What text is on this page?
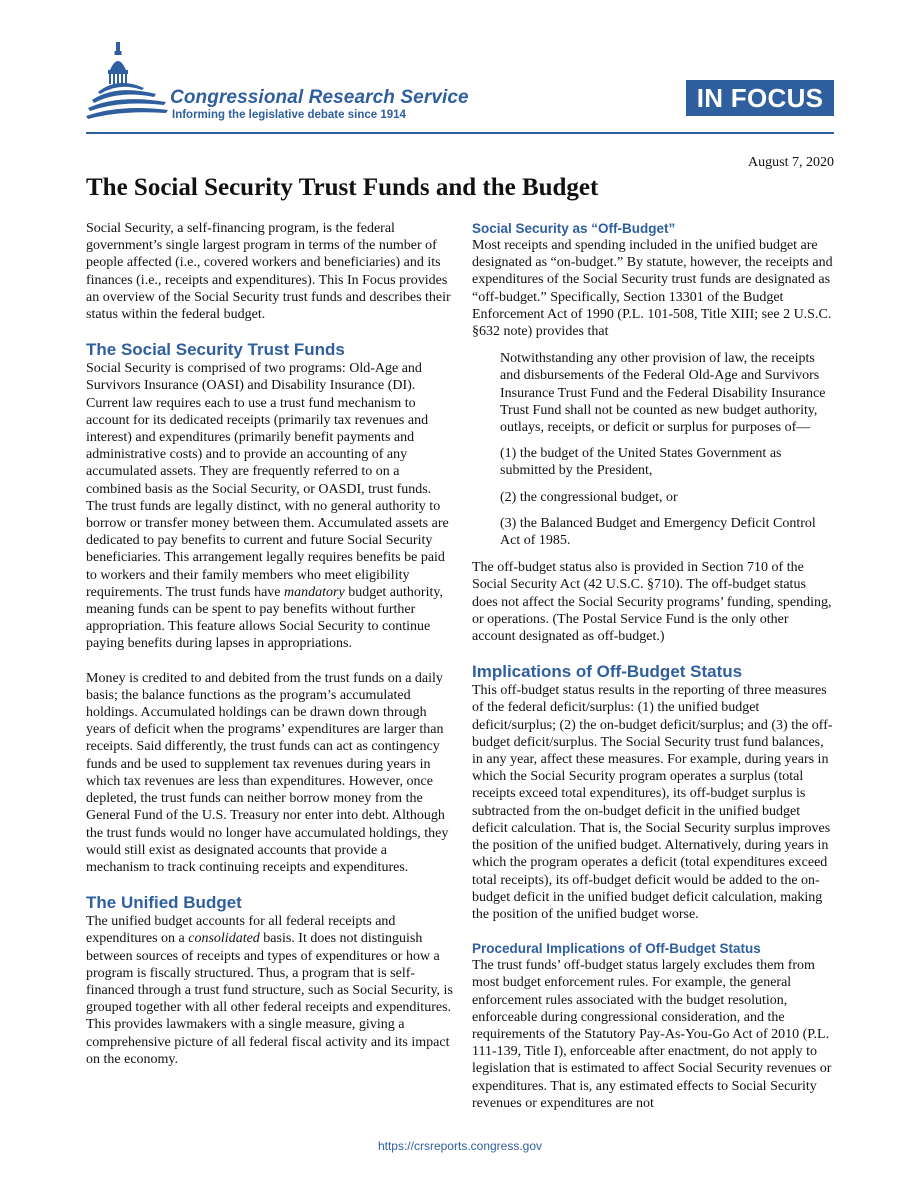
Congressional Research Service
Informing the legislative debate since 1914
IN FOCUS
August 7, 2020
The Social Security Trust Funds and the Budget

Social Security, a self-financing program, is the federal government’s single largest program in terms of the number of people affected (i.e., covered workers and beneficiaries) and its finances (i.e., receipts and expenditures). This In Focus provides an overview of the Social Security trust funds and describes their status within the federal budget.

The Social Security Trust Funds

Social Security is comprised of two programs: Old-Age and Survivors Insurance (OASI) and Disability Insurance (DI). Current law requires each to use a trust fund mechanism to account for its dedicated receipts (primarily tax revenues and interest) and expenditures (primarily benefit payments and administrative costs) and to provide an accounting of any accumulated assets. They are frequently referred to on a combined basis as the Social Security, or OASDI, trust funds. The trust funds are legally distinct, with no general authority to borrow or transfer money between them. Accumulated assets are dedicated to pay benefits to current and future Social Security beneficiaries. This arrangement legally requires benefits be paid to workers and their family members who meet eligibility requirements. The trust funds have mandatory budget authority, meaning funds can be spent to pay benefits without further appropriation. This feature allows Social Security to continue paying benefits during lapses in appropriations.

Money is credited to and debited from the trust funds on a daily basis; the balance functions as the program’s accumulated holdings. Accumulated holdings can be drawn down through years of deficit when the programs’ expenditures are larger than receipts. Said differently, the trust funds can act as contingency funds and be used to supplement tax revenues during years in which tax revenues are less than expenditures. However, once depleted, the trust funds can neither borrow money from the General Fund of the U.S. Treasury nor enter into debt. Although the trust funds would no longer have accumulated holdings, they would still exist as designated accounts that provide a mechanism to track continuing receipts and expenditures.

The Unified Budget

The unified budget accounts for all federal receipts and expenditures on a consolidated basis. It does not distinguish between sources of receipts and types of expenditures or how a program is fiscally structured. Thus, a program that is self-financed through a trust fund structure, such as Social Security, is grouped together with all other federal receipts and expenditures. This provides lawmakers with a single measure, giving a comprehensive picture of all federal fiscal activity and its impact on the economy.

Social Security as “Off-Budget”

Most receipts and spending included in the unified budget are designated as “on-budget.” By statute, however, the receipts and expenditures of the Social Security trust funds are designated as “off-budget.” Specifically, Section 13301 of the Budget Enforcement Act of 1990 (P.L. 101-508, Title XIII; see 2 U.S.C. §632 note) provides that

Notwithstanding any other provision of law, the receipts and disbursements of the Federal Old-Age and Survivors Insurance Trust Fund and the Federal Disability Insurance Trust Fund shall not be counted as new budget authority, outlays, receipts, or deficit or surplus for purposes of—

(1) the budget of the United States Government as submitted by the President,

(2) the congressional budget, or

(3) the Balanced Budget and Emergency Deficit Control Act of 1985.

The off-budget status also is provided in Section 710 of the Social Security Act (42 U.S.C. §710). The off-budget status does not affect the Social Security programs’ funding, spending, or operations. (The Postal Service Fund is the only other account designated as off-budget.)

Implications of Off-Budget Status

This off-budget status results in the reporting of three measures of the federal deficit/surplus: (1) the unified budget deficit/surplus; (2) the on-budget deficit/surplus; and (3) the off-budget deficit/surplus. The Social Security trust fund balances, in any year, affect these measures. For example, during years in which the Social Security program operates a surplus (total receipts exceed total expenditures), its off-budget surplus is subtracted from the on-budget deficit in the unified budget deficit calculation. That is, the Social Security surplus improves the position of the unified budget. Alternatively, during years in which the program operates a deficit (total expenditures exceed total receipts), its off-budget deficit would be added to the on-budget deficit in the unified budget deficit calculation, making the position of the unified budget worse.

Procedural Implications of Off-Budget Status

The trust funds’ off-budget status largely excludes them from most budget enforcement rules. For example, the general enforcement rules associated with the budget resolution, enforceable during congressional consideration, and the requirements of the Statutory Pay-As-You-Go Act of 2010 (P.L. 111-139, Title I), enforceable after enactment, do not apply to legislation that is estimated to affect Social Security revenues or expenditures. That is, any estimated effects to Social Security revenues or expenditures are not

https://crsreports.congress.gov
